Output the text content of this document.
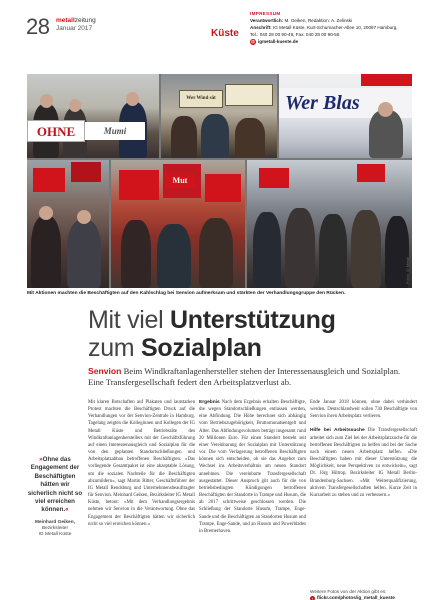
28 metallzeitung
Januar 2017	Küste
IMPRESSUM
Verantwortlich: M. Geiken, Redaktion: A. Zelinski
Anschrift: IG Metall Küste, Kurt-Schumacher-Allee 10, 20097 Hamburg,
Tel.: 040 28 00 90-49, Fax: 040 28 00 90-55
@ igmetall-kueste.de
OHNE	Mumi
Wer Wind sät	Wer Blas
Mut
Fotos: IG Metall
Mit Aktionen machten die Beschäftigten auf den Kahlschlag bei Senvion aufmerksam und stärkten der Verhandlungsgruppe den Rücken.
Mit viel Unterstützung
zum Sozialplan
Senvion Beim Windkraftanlagenhersteller stehen der Interessenausgleich und Sozialplan. Eine Transfergesellschaft federt den Arbeitsplatzverlust ab.
»Ohne das Engagement der Beschäftigten hätten wir sicherlich nicht so viel erreichen können.«
Meinhard Geiken,
Bezirksleiter
IG Metall Küste
Mit klaren Botschaften auf Plakaten und lautstarken Protest machten die Beschäftigten Druck auf die Verhandlungen vor der Senvion-Zentrale in Hamburg. Tagelang zeigten die Kolleginnen und Kollegen der IG Metall Küste und Betriebsräte des Windkraftanlagenherstellers mit der Geschäftsführung auf einen Interessenausgleich und Sozialplan für die von den geplanten Standortschließungen und Arbeitsplatzabbau betroffenen Beschäftigten. »Das vorliegende Gesamtpaket ist eine akzeptable Lösung, um die sozialen Nachteile für die Beschäftigten abzumildern«, sagt Martin Ritter, Geschäftsführer der IG Metall Rendsburg und Unternehmensbeauftragter für Senvion. Meinhard Geiken, Bezirksleiter IG Metall Küste, betont: »Mit dem Verhandlungsergebnis nehmen wir Senvion in die Verantwortung. Ohne das Engagement der Beschäftigten hätten wir sicherlich nicht so viel erreichen können.«
Ergebnis Nach dem Ergebnis erhalten Beschäftigte, die wegen Standortschließungen entlassen werden, eine Abfindung. Die Höhe berechnet sich abhängig vom Betriebszugehörigkeit, Bruttomonatsentgelt und Alter. Das Abfindungsvolumen beträgt insgesamt rund 20 Millionen Euro. Für einen Standort besteht seit einer Vereinbarung der Sozialplan mit Unterstützung vor. Die vom Verlagerung betroffenen Beschäftigten können sich entscheiden, ob sie das Angebot zum Wechsel ins Arbeitsverhältnis am neuen Standort annehmen. Die vereinbarte Transfergesellschaft ausgestattet. Dieser Anspruch gilt auch für die von betriebsbedingten Kündigungen betroffenen Beschäftigten der Standorte in Trampe und Husum, die ab 2017 schrittweise geschlossen werden. Die Schließung der Standorte Husum, Trampe, Enge-Sande und die Beschäftigten an Standorten Husum und Trampe, Enge-Sande, und an Husum und Powerblades in Bremerhaven.
Ende Januar 2018 können, ohne dabei verhindert werden. Deutschlandweit sollen 730 Beschäftigte von Senvion ihren Arbeitsplatz verlieren.
Hilfe bei Arbeitssuche Die Transfergesellschaft arbeitet sich zum Ziel bei der Arbeitsplatzsuche für die betroffenen Beschäftigten zu helfen und bei der Suche nach einem neuen Arbeitsplatz helfen. »Die Beschäftigten haben mit dieser Unterstützung die Möglichkeit, neue Perspektiven zu entwickeln«, sagt Dr. Jörg Hiltrop, Bezirksleiter IG Metall Berlin-Brandenburg-Sachsen. »Mit Weiterqualifizierung, aktivem Transfergesellschaften helfen. Kurze Zeit in Kurzarbeit zu stehen und zu verbessern.«
Weitere Fotos von der Aktion gibt es:
› flickr.com/photos/ig_metall_kueste
